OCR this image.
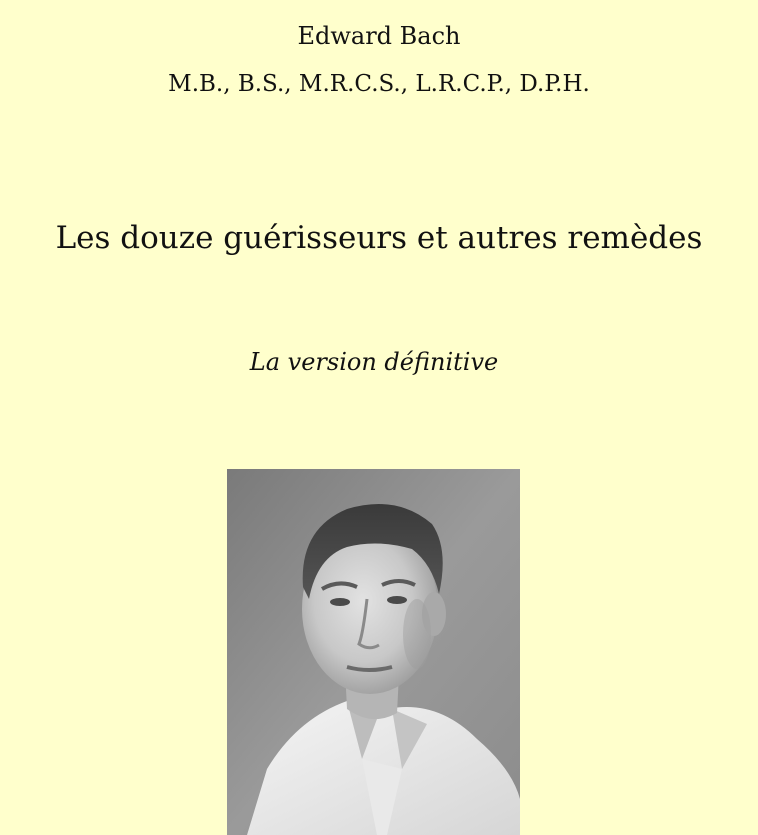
Edward Bach
M.B., B.S., M.R.C.S., L.R.C.P., D.P.H.
Les douze guérisseurs et autres remèdes
La version définitive
